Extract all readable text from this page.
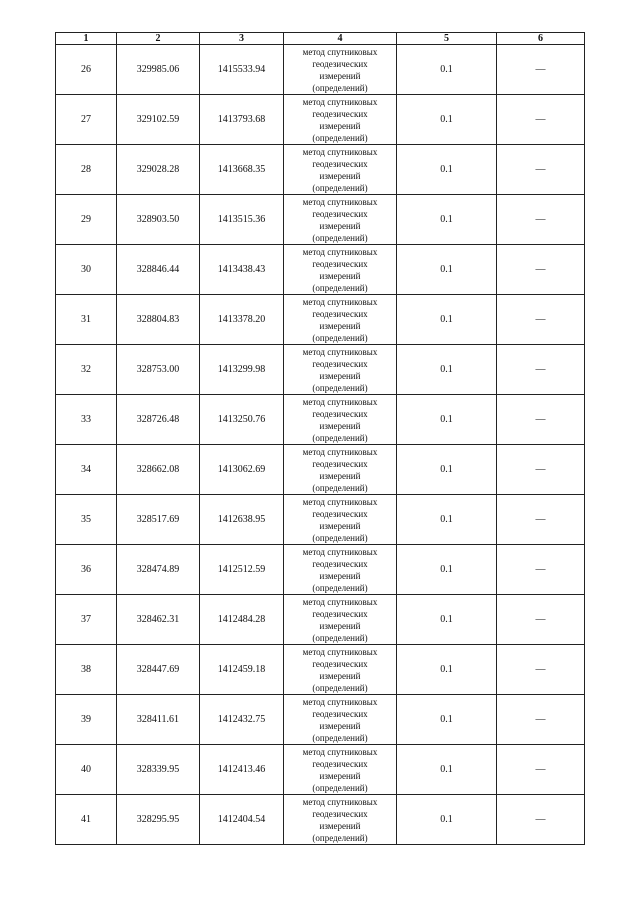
1	2	3	4	5	6
26	329985.06	1415533.94	метод спутниковых
геодезических
измерений
(определений)	0.1	—
27	329102.59	1413793.68	метод спутниковых
геодезических
измерений
(определений)	0.1	—
28	329028.28	1413668.35	метод спутниковых
геодезических
измерений
(определений)	0.1	—
29	328903.50	1413515.36	метод спутниковых
геодезических
измерений
(определений)	0.1	—
30	328846.44	1413438.43	метод спутниковых
геодезических
измерений
(определений)	0.1	—
31	328804.83	1413378.20	метод спутниковых
геодезических
измерений
(определений)	0.1	—
32	328753.00	1413299.98	метод спутниковых
геодезических
измерений
(определений)	0.1	—
33	328726.48	1413250.76	метод спутниковых
геодезических
измерений
(определений)	0.1	—
34	328662.08	1413062.69	метод спутниковых
геодезических
измерений
(определений)	0.1	—
35	328517.69	1412638.95	метод спутниковых
геодезических
измерений
(определений)	0.1	—
36	328474.89	1412512.59	метод спутниковых
геодезических
измерений
(определений)	0.1	—
37	328462.31	1412484.28	метод спутниковых
геодезических
измерений
(определений)	0.1	—
38	328447.69	1412459.18	метод спутниковых
геодезических
измерений
(определений)	0.1	—
39	328411.61	1412432.75	метод спутниковых
геодезических
измерений
(определений)	0.1	—
40	328339.95	1412413.46	метод спутниковых
геодезических
измерений
(определений)	0.1	—
41	328295.95	1412404.54	метод спутниковых
геодезических
измерений
(определений)	0.1	—
